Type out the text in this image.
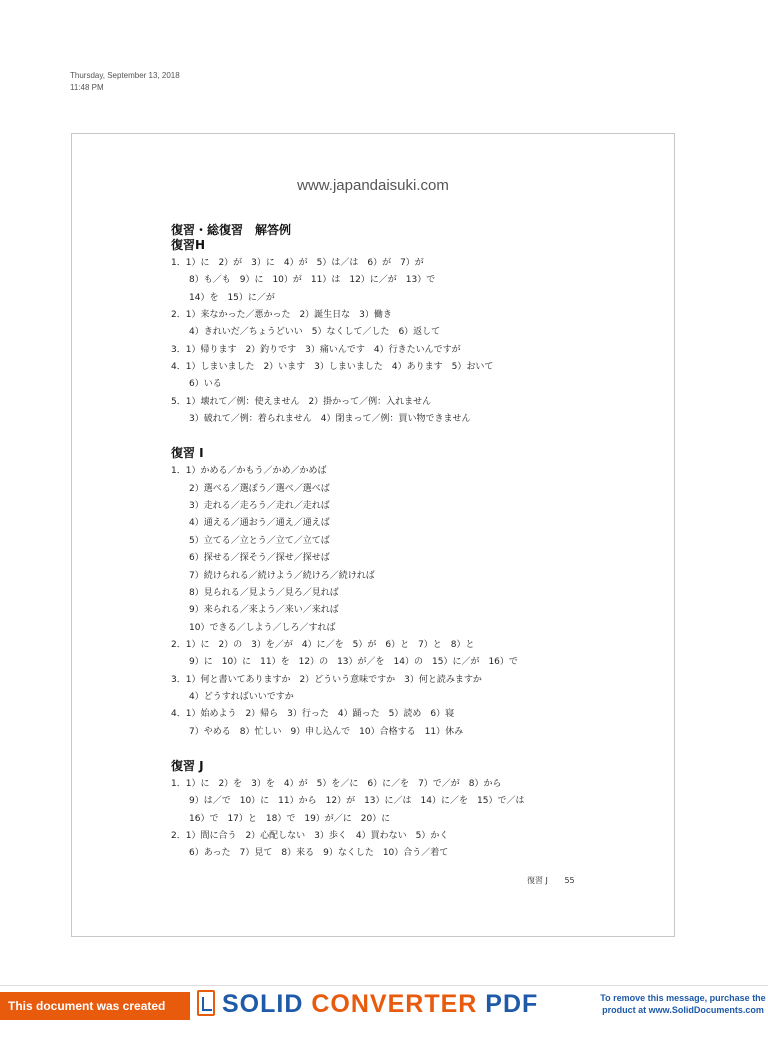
Thursday, September 13, 2018
11:48 PM
www.japandaisuki.com
復習・総復習　解答例
復習H
1．1）に　2）が　3）に　4）が　5）は／は　6）が　7）が
　　8）も／も　9）に　10）が　11）は　12）に／が　13）で
　　14）を　15）に／が
2．1）来なかった／悪かった　2）誕生日な　3）働き
　　4）きれいだ／ちょうどいい　5）なくして／した　6）返して
3．1）帰ります　2）釣りです　3）痛いんです　4）行きたいんですが
4．1）しまいました　2）います　3）しまいました　4）あります　5）おいて
　　6）いる
5．1）壊れて／例：使えません　2）掛かって／例：入れません
　　3）破れて／例：着られません　4）閉まって／例：買い物できません
復習 I
1．1）かめる／かもう／かめ／かめば
　　2）選べる／選ぼう／選べ／選べば
　　3）走れる／走ろう／走れ／走れば
　　4）通える／通おう／通え／通えば
　　5）立てる／立とう／立て／立てば
　　6）探せる／探そう／探せ／探せば
　　7）続けられる／続けよう／続けろ／続ければ
　　8）見られる／見よう／見ろ／見れば
　　9）来られる／来よう／来い／来れば
　　10）できる／しよう／しろ／すれば
2．1）に　2）の　3）を／が　4）に／を　5）が　6）と　7）と　8）と
　　9）に　10）に　11）を　12）の　13）が／を　14）の　15）に／が　16）で
3．1）何と書いてありますか　2）どういう意味ですか　3）何と読みますか
　　4）どうすればいいですか
4．1）始めよう　2）帰ら　3）行った　4）踊った　5）読め　6）寝
　　7）やめる　8）忙しい　9）申し込んで　10）合格する　11）休み
復習 J
1．1）に　2）を　3）を　4）が　5）を／に　6）に／を　7）で／が　8）から
　　9）は／で　10）に　11）から　12）が　13）に／は　14）に／を　15）で／は
　　16）で　17）と　18）で　19）が／に　20）に
2．1）間に合う　2）心配しない　3）歩く　4）買わない　5）かく
　　6）あった　7）見て　8）来る　9）なくした　10）合う／着て
復習 J 55
This document was created using
SOLID CONVERTER PDF	To remove this message, purchase the
product at www.SolidDocuments.com
